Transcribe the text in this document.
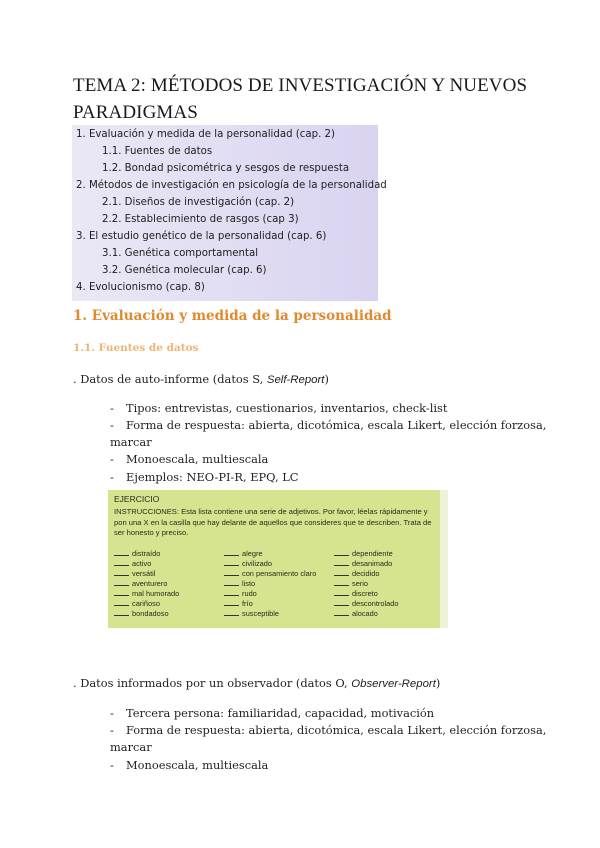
TEMA 2: MÉTODOS DE INVESTIGACIÓN Y NUEVOS
PARADIGMAS
1. Evaluación y medida de la personalidad (cap. 2)
1.1. Fuentes de datos
1.2. Bondad psicométrica y sesgos de respuesta
2. Métodos de investigación en psicología de la personalidad
2.1. Diseños de investigación (cap. 2)
2.2. Establecimiento de rasgos (cap 3)
3. El estudio genético de la personalidad (cap. 6)
3.1. Genética comportamental
3.2. Genética molecular (cap. 6)
4. Evolucionismo (cap. 8)
1. Evaluación y medida de la personalidad
1.1. Fuentes de datos
. Datos de auto-informe (datos S, Self-Report)
- Tipos: entrevistas, cuestionarios, inventarios, check-list
- Forma de respuesta: abierta, dicotómica, escala Likert, elección forzosa,
marcar
- Monoescala, multiescala
- Ejemplos: NEO-PI-R, EPQ, LC
EJERCICIO
INSTRUCCIONES: Esta lista contiene una serie de adjetivos. Por favor, léelas rápidamente y pon una X en la casilla que hay delante de aquellos que consideres que te describen. Trata de ser honesto y preciso.
distraído
activo
versátil
aventurero
mal humorado
cariñoso
bondadoso
alegre
civilizado
con pensamiento claro
listo
rudo
frío
susceptible
dependiente
desanimado
decidido
serio
discreto
descontrolado
alocado
. Datos informados por un observador (datos O, Observer-Report)
- Tercera persona: familiaridad, capacidad, motivación
- Forma de respuesta: abierta, dicotómica, escala Likert, elección forzosa,
marcar
- Monoescala, multiescala
